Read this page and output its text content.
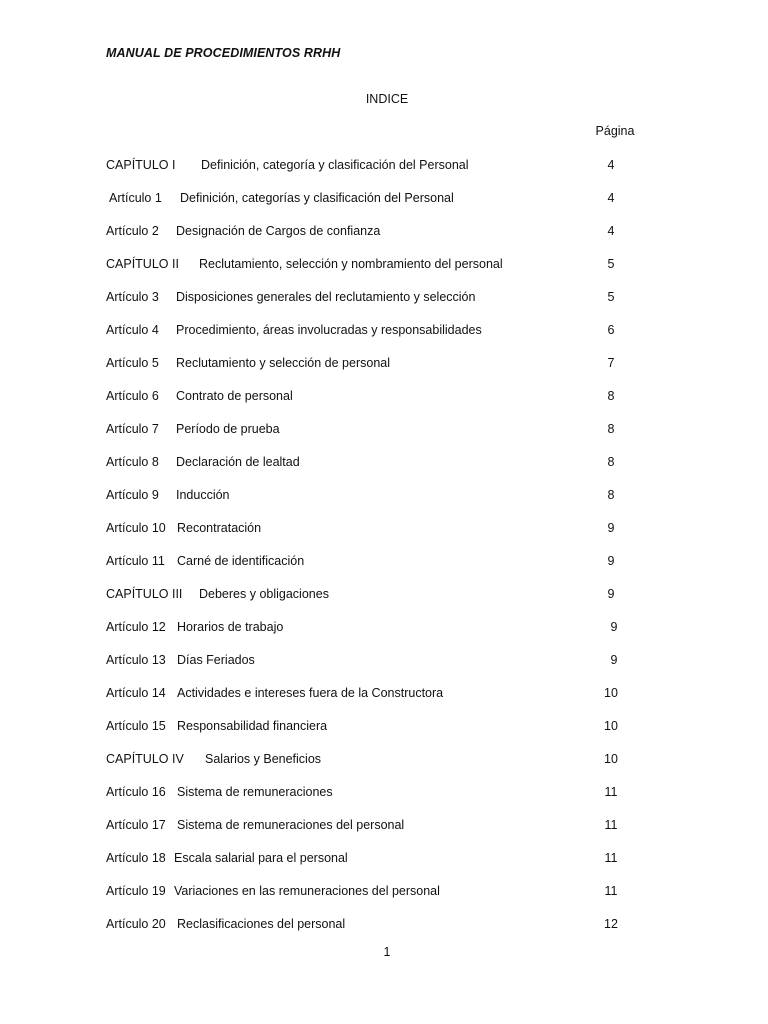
MANUAL DE PROCEDIMIENTOS RRHH
INDICE
Página
CAPÍTULO I Definición, categoría y clasificación del Personal	4
Artículo 1 Definición, categorías y clasificación del Personal	4
Artículo 2 Designación de Cargos de confianza	4
CAPÍTULO II Reclutamiento, selección y nombramiento del personal	5
Artículo 3 Disposiciones generales del reclutamiento y selección	5
Artículo 4 Procedimiento, áreas involucradas y responsabilidades	6
Artículo 5 Reclutamiento y selección de personal	7
Artículo 6 Contrato de personal	8
Artículo 7 Período de prueba	8
Artículo 8 Declaración de lealtad	8
Artículo 9 Inducción	8
Artículo 10 Recontratación	9
Artículo 11 Carné de identificación	9
CAPÍTULO III Deberes y obligaciones	9
Artículo 12 Horarios de trabajo	9
Artículo 13 Días Feriados	9
Artículo 14 Actividades e intereses fuera de la Constructora	10
Artículo 15 Responsabilidad financiera	10
CAPÍTULO IV Salarios y Beneficios	10
Artículo 16 Sistema de remuneraciones	11
Artículo 17 Sistema de remuneraciones del personal	11
Artículo 18 Escala salarial para el personal	11
Artículo 19 Variaciones en las remuneraciones del personal	11
Artículo 20 Reclasificaciones del personal	12
1
